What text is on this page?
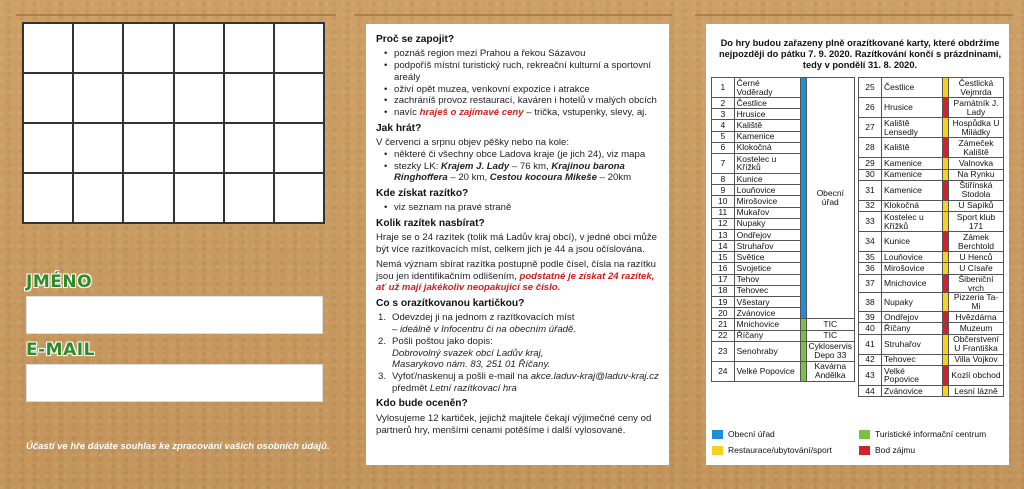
JMÉNO
E-MAIL
Účastí ve hře dáváte souhlas ke zpracování vašich osobních údajů.
Proč se zapojit?
• poznáš region mezi Prahou a řekou Sázavou
• podpoříš místní turistický ruch, rekreační kulturní a sportovní areály
• oživí opět muzea, venkovní expozice i atrakce
• zachráníš provoz restaurací, kaváren i hotelů v malých obcích
• navíc hraješ o zajímavé ceny – trička, vstupenky, slevy, aj.
Jak hrát?

V červenci a srpnu objev pěšky nebo na kole:

• některé či všechny obce Ladova kraje (je jich 24), viz mapa
• stezky LK: Krajem J. Lady – 76 km, Krajinou barona Ringhoffera – 20 km, Cestou kocoura Mikeše – 20km
Kde získat razítko?
• viz seznam na pravé straně
Kolik razítek nasbírat?

Hraje se o 24 razítek (tolik má Ladův kraj obcí), v jedné obci může být více razítkovacích míst, celkem jich je 44 a jsou očíslována.

Nemá význam sbírat razítka postupně podle čísel, čísla na razítku jsou jen identifikačním odlišením, podstatné je získat 24 razítek, ať už mají jakékoliv neopakující se číslo.

Co s orazítkovanou kartičkou?
1. Odevzdej ji na jednom z razítkovacích míst
– ideálně v Infocentru či na obecním úřadě.
2. Pošli poštou jako dopis:
Dobrovolný svazek obcí Ladův kraj,
Masarykovo nám. 83, 251 01 Říčany.
3. Vyfoť/naskenuj a pošli e-mail na akce.laduv-kraj@laduv-kraj.cz
předmět Letní razítkovací hra
Kdo bude oceněn?

Vylosujeme 12 kartiček, jejichž majitele čekají výjimečné ceny od partnerů hry, menšími cenami potěšíme i další vylosované.

Do hry budou zařazeny plně orazítkované karty, které obdržíme nejpozději do pátku 7. 9. 2020. Razítkování končí s prázdninami, tedy v pondělí 31. 8. 2020.
1	Černé Voděrady		Obecní úřad
2	Čestlice		
3	Hrusice		
4	Kaliště		
5	Kamenice		
6	Klokočná		
7	Kostelec u Křížků		
8	Kunice		
9	Louňovice		
10	Mirošovice		
11	Mukařov		
12	Nupaky		
13	Ondřejov		
14	Struhařov		
15	Světice		
16	Svojetice		
17	Tehov		
18	Tehovec		
19	Všestary		
20	Zvánovice		
21	Mnichovice		TIC
22	Říčany		TIC
23	Senohraby		Cykloservis Depo 33
24	Velké Popovice		Kavárna Andělka
25	Čestlice		Čestlická Vejmrda
26	Hrusice		Památník J. Lady
27	Kaliště Lensedly		Hospůdka U Miládky
28	Kaliště		Zámeček Kaliště
29	Kamenice		Valnovka
30	Kamenice		Na Rynku
31	Kamenice		Štiřínská Stodola
32	Klokočná		U Sapíků
33	Kostelec u Křížků		Sport klub 171
34	Kunice		Zámek Berchtold
35	Louňovice		U Henců
36	Mirošovice		U Císaře
37	Mnichovice		Šibeniční vrch
38	Nupaky		Pizzeria Ta-Mi
39	Ondřejov		Hvězdárna
40	Říčany		Muzeum
41	Struhařov		Občerstvení U Františka
42	Tehovec		Villa Vojkov
43	Velké Popovice		Kozlí obchod
44	Zvánovice		Lesní lázně
Obecní úřad
Restaurace/ubytování/sport
Turistické informační centrum
Bod zájmu
